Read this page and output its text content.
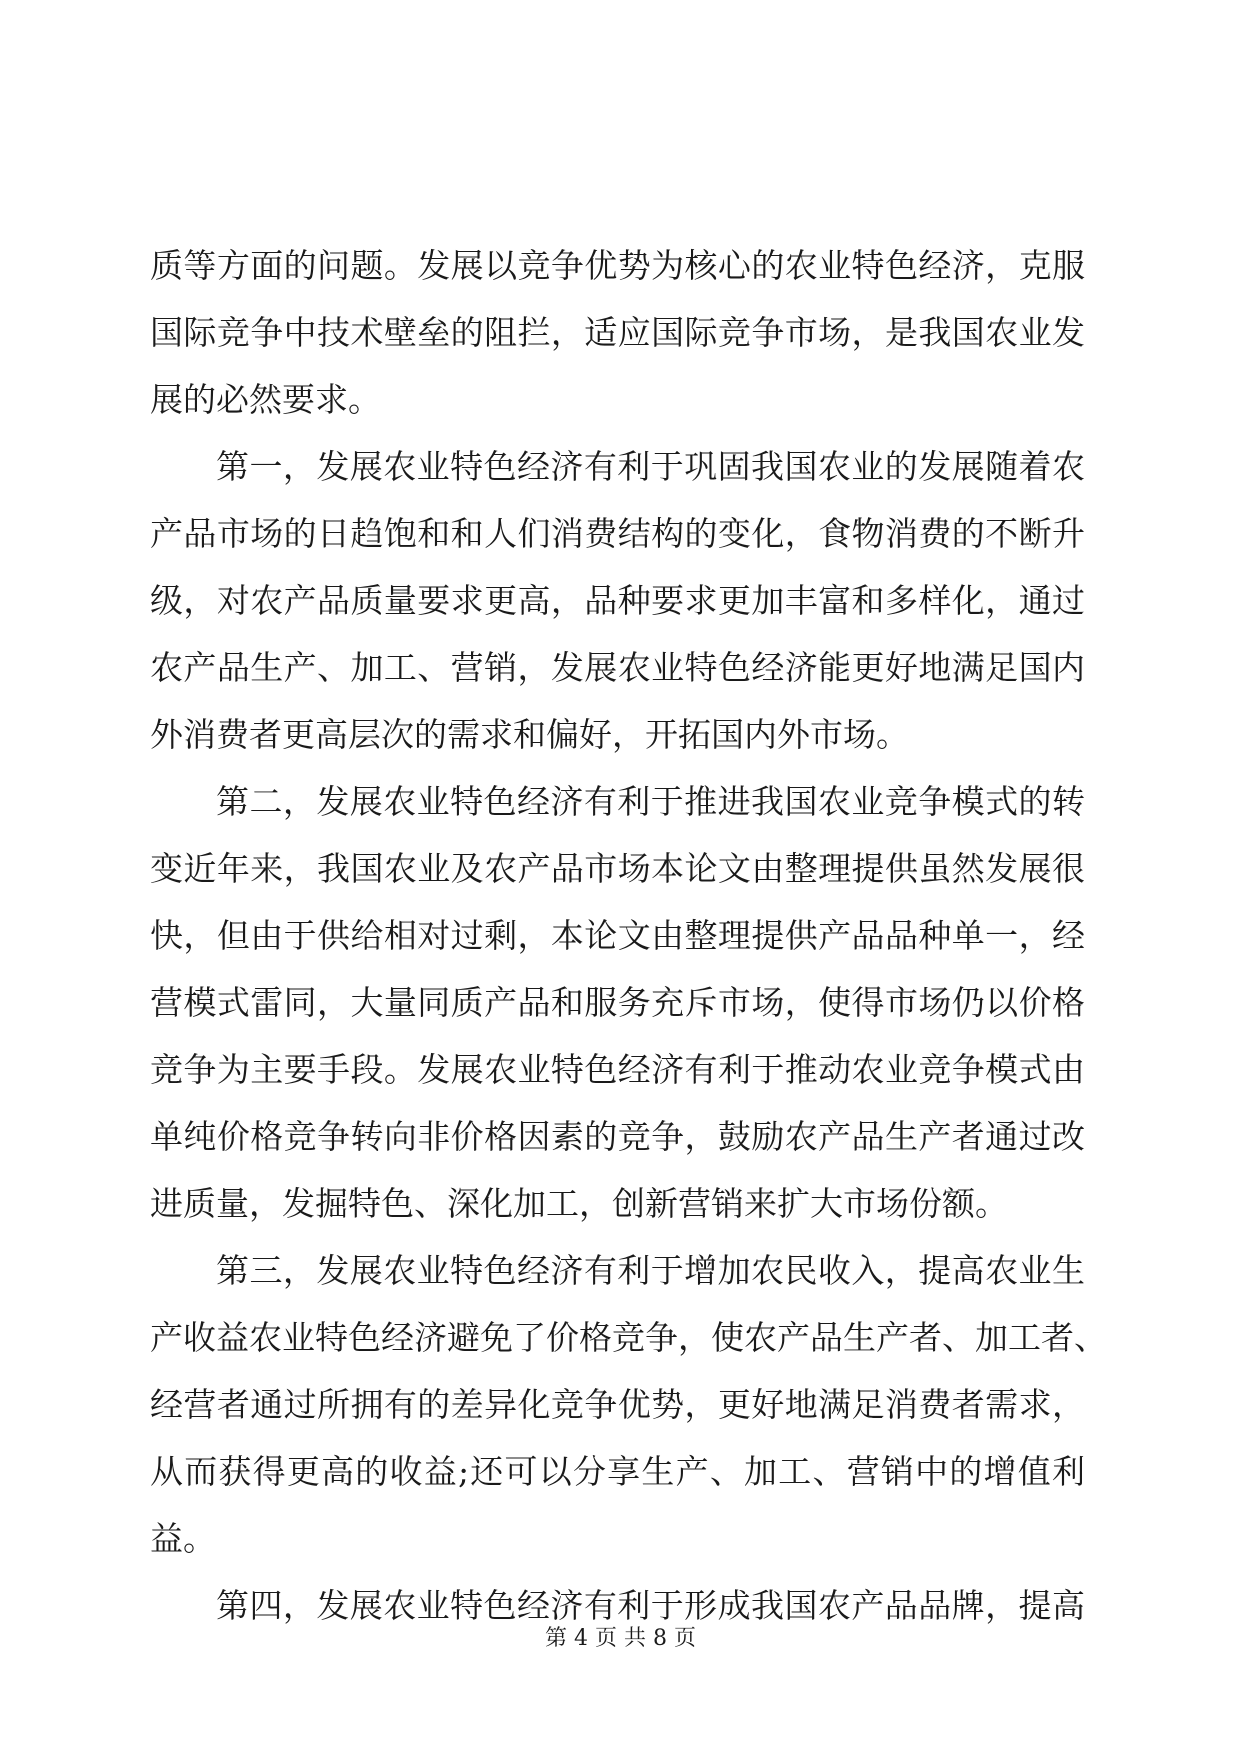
质等方面的问题。发展以竞争优势为核心的农业特色经济，克服
国际竞争中技术壁垒的阻拦，适应国际竞争市场，是我国农业发
展的必然要求。
第一，发展农业特色经济有利于巩固我国农业的发展随着农
产品市场的日趋饱和和人们消费结构的变化，食物消费的不断升
级，对农产品质量要求更高，品种要求更加丰富和多样化，通过
农产品生产、加工、营销，发展农业特色经济能更好地满足国内
外消费者更高层次的需求和偏好，开拓国内外市场。
第二，发展农业特色经济有利于推进我国农业竞争模式的转
变近年来，我国农业及农产品市场本论文由整理提供虽然发展很
快，但由于供给相对过剩，本论文由整理提供产品品种单一，经
营模式雷同，大量同质产品和服务充斥市场，使得市场仍以价格
竞争为主要手段。发展农业特色经济有利于推动农业竞争模式由
单纯价格竞争转向非价格因素的竞争，鼓励农产品生产者通过改
进质量，发掘特色、深化加工，创新营销来扩大市场份额。
第三，发展农业特色经济有利于增加农民收入，提高农业生
产收益农业特色经济避免了价格竞争，使农产品生产者、加工者、
经营者通过所拥有的差异化竞争优势，更好地满足消费者需求，
从而获得更高的收益;还可以分享生产、加工、营销中的增值利
益。
第四，发展农业特色经济有利于形成我国农产品品牌，提高
第 4 页 共 8 页
